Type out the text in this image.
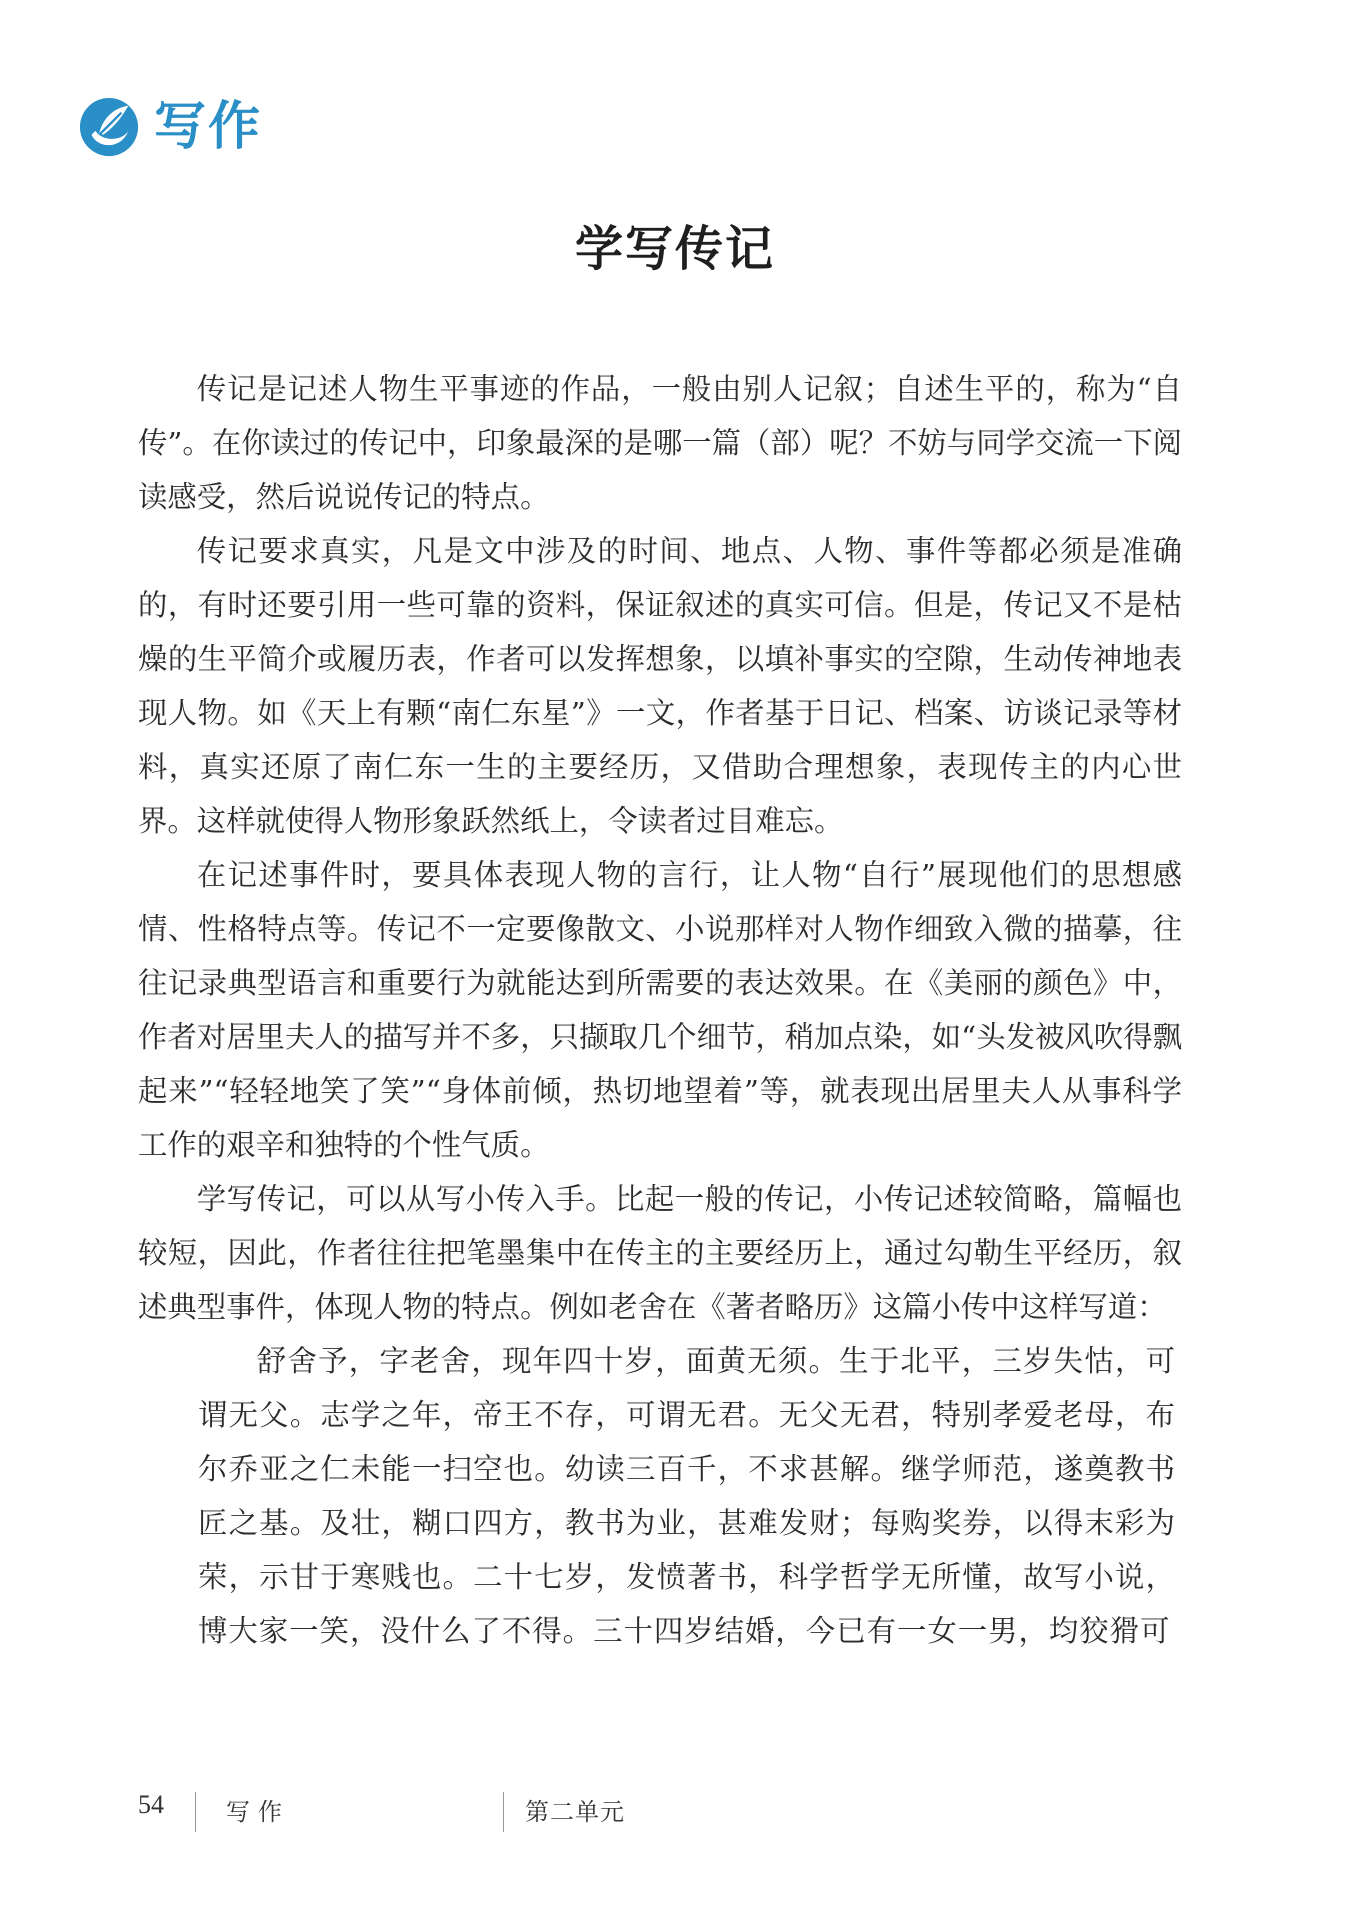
写作
学写传记

传记是记述人物生平事迹的作品，一般由别人记叙；自述生平的，称为“自传”。在你读过的传记中，印象最深的是哪一篇（部）呢？不妨与同学交流一下阅读感受，然后说说传记的特点。

传记要求真实，凡是文中涉及的时间、地点、人物、事件等都必须是准确的，有时还要引用一些可靠的资料，保证叙述的真实可信。但是，传记又不是枯燥的生平简介或履历表，作者可以发挥想象，以填补事实的空隙，生动传神地表现人物。如《天上有颗“南仁东星”》一文，作者基于日记、档案、访谈记录等材料，真实还原了南仁东一生的主要经历，又借助合理想象，表现传主的内心世界。这样就使得人物形象跃然纸上，令读者过目难忘。

在记述事件时，要具体表现人物的言行，让人物“自行”展现他们的思想感情、性格特点等。传记不一定要像散文、小说那样对人物作细致入微的描摹，往往记录典型语言和重要行为就能达到所需要的表达效果。在《美丽的颜色》中，作者对居里夫人的描写并不多，只撷取几个细节，稍加点染，如“头发被风吹得飘起来”“轻轻地笑了笑”“身体前倾，热切地望着”等，就表现出居里夫人从事科学工作的艰辛和独特的个性气质。

学写传记，可以从写小传入手。比起一般的传记，小传记述较简略，篇幅也较短，因此，作者往往把笔墨集中在传主的主要经历上，通过勾勒生平经历，叙述典型事件，体现人物的特点。例如老舍在《著者略历》这篇小传中这样写道：

舒舍予，字老舍，现年四十岁，面黄无须。生于北平，三岁失怙，可谓无父。志学之年，帝王不存，可谓无君。无父无君，特别孝爱老母，布尔乔亚之仁未能一扫空也。幼读三百千，不求甚解。继学师范，遂奠教书匠之基。及壮，糊口四方，教书为业，甚难发财；每购奖券，以得末彩为荣，示甘于寒贱也。二十七岁，发愤著书，科学哲学无所懂，故写小说，博大家一笑，没什么了不得。三十四岁结婚，今已有一女一男，均狡猾可

54	写作	第二单元
